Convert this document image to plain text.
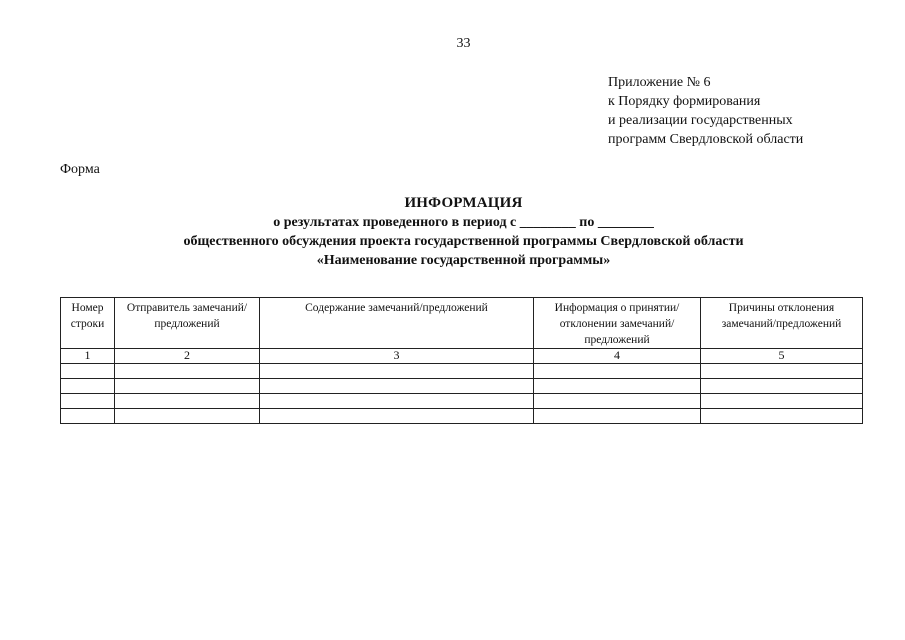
33
Приложение № 6
к Порядку формирования
и реализации государственных
программ Свердловской области
Форма
ИНФОРМАЦИЯ
о результатах проведенного в период с ________ по ________
общественного обсуждения проекта государственной программы Свердловской области
«Наименование государственной программы»
Номер строки	Отправитель замечаний/ предложений	Содержание замечаний/предложений	Информация о принятии/отклонении замечаний/предложений	Причины отклонения замечаний/предложений
1	2	3	4	5
